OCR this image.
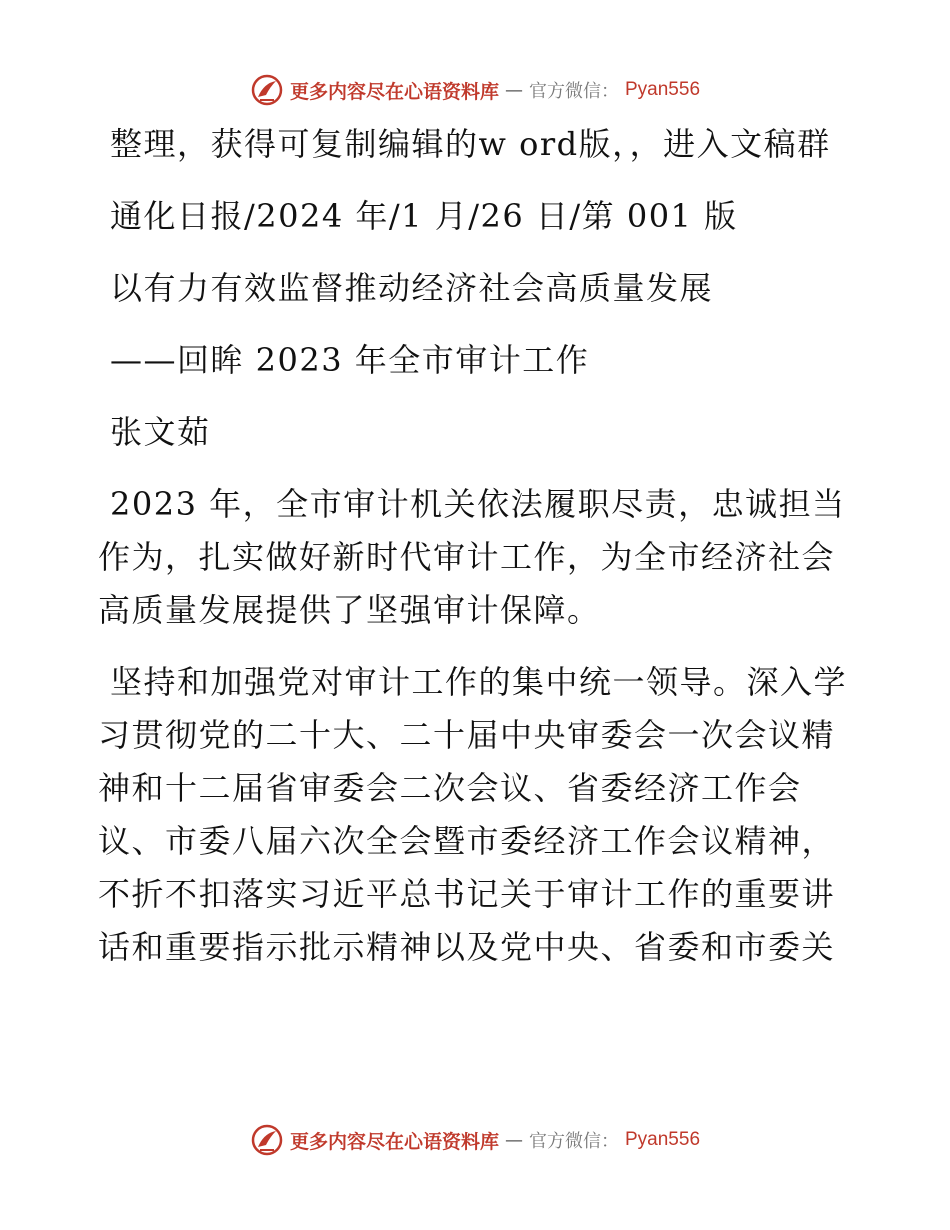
更多内容尽在心语资料库 — 官方微信： Pyan556

整理，获得可复制编辑的w ord版，，进入文稿群

通化日报/2024 年/1 月/26 日/第 001 版

以有力有效监督推动经济社会高质量发展

——回眸 2023 年全市审计工作

张文茹

2023 年，全市审计机关依法履职尽责，忠诚担当作为，扎实做好新时代审计工作，为全市经济社会高质量发展提供了坚强审计保障。

坚持和加强党对审计工作的集中统一领导。深入学习贯彻党的二十大、二十届中央审委会一次会议精神和十二届省审委会二次会议、省委经济工作会议、市委八届六次全会暨市委经济工作会议精神，不折不扣落实习近平总书记关于审计工作的重要讲话和重要指示批示精神以及党中央、省委和市委关

更多内容尽在心语资料库 — 官方微信： Pyan556
